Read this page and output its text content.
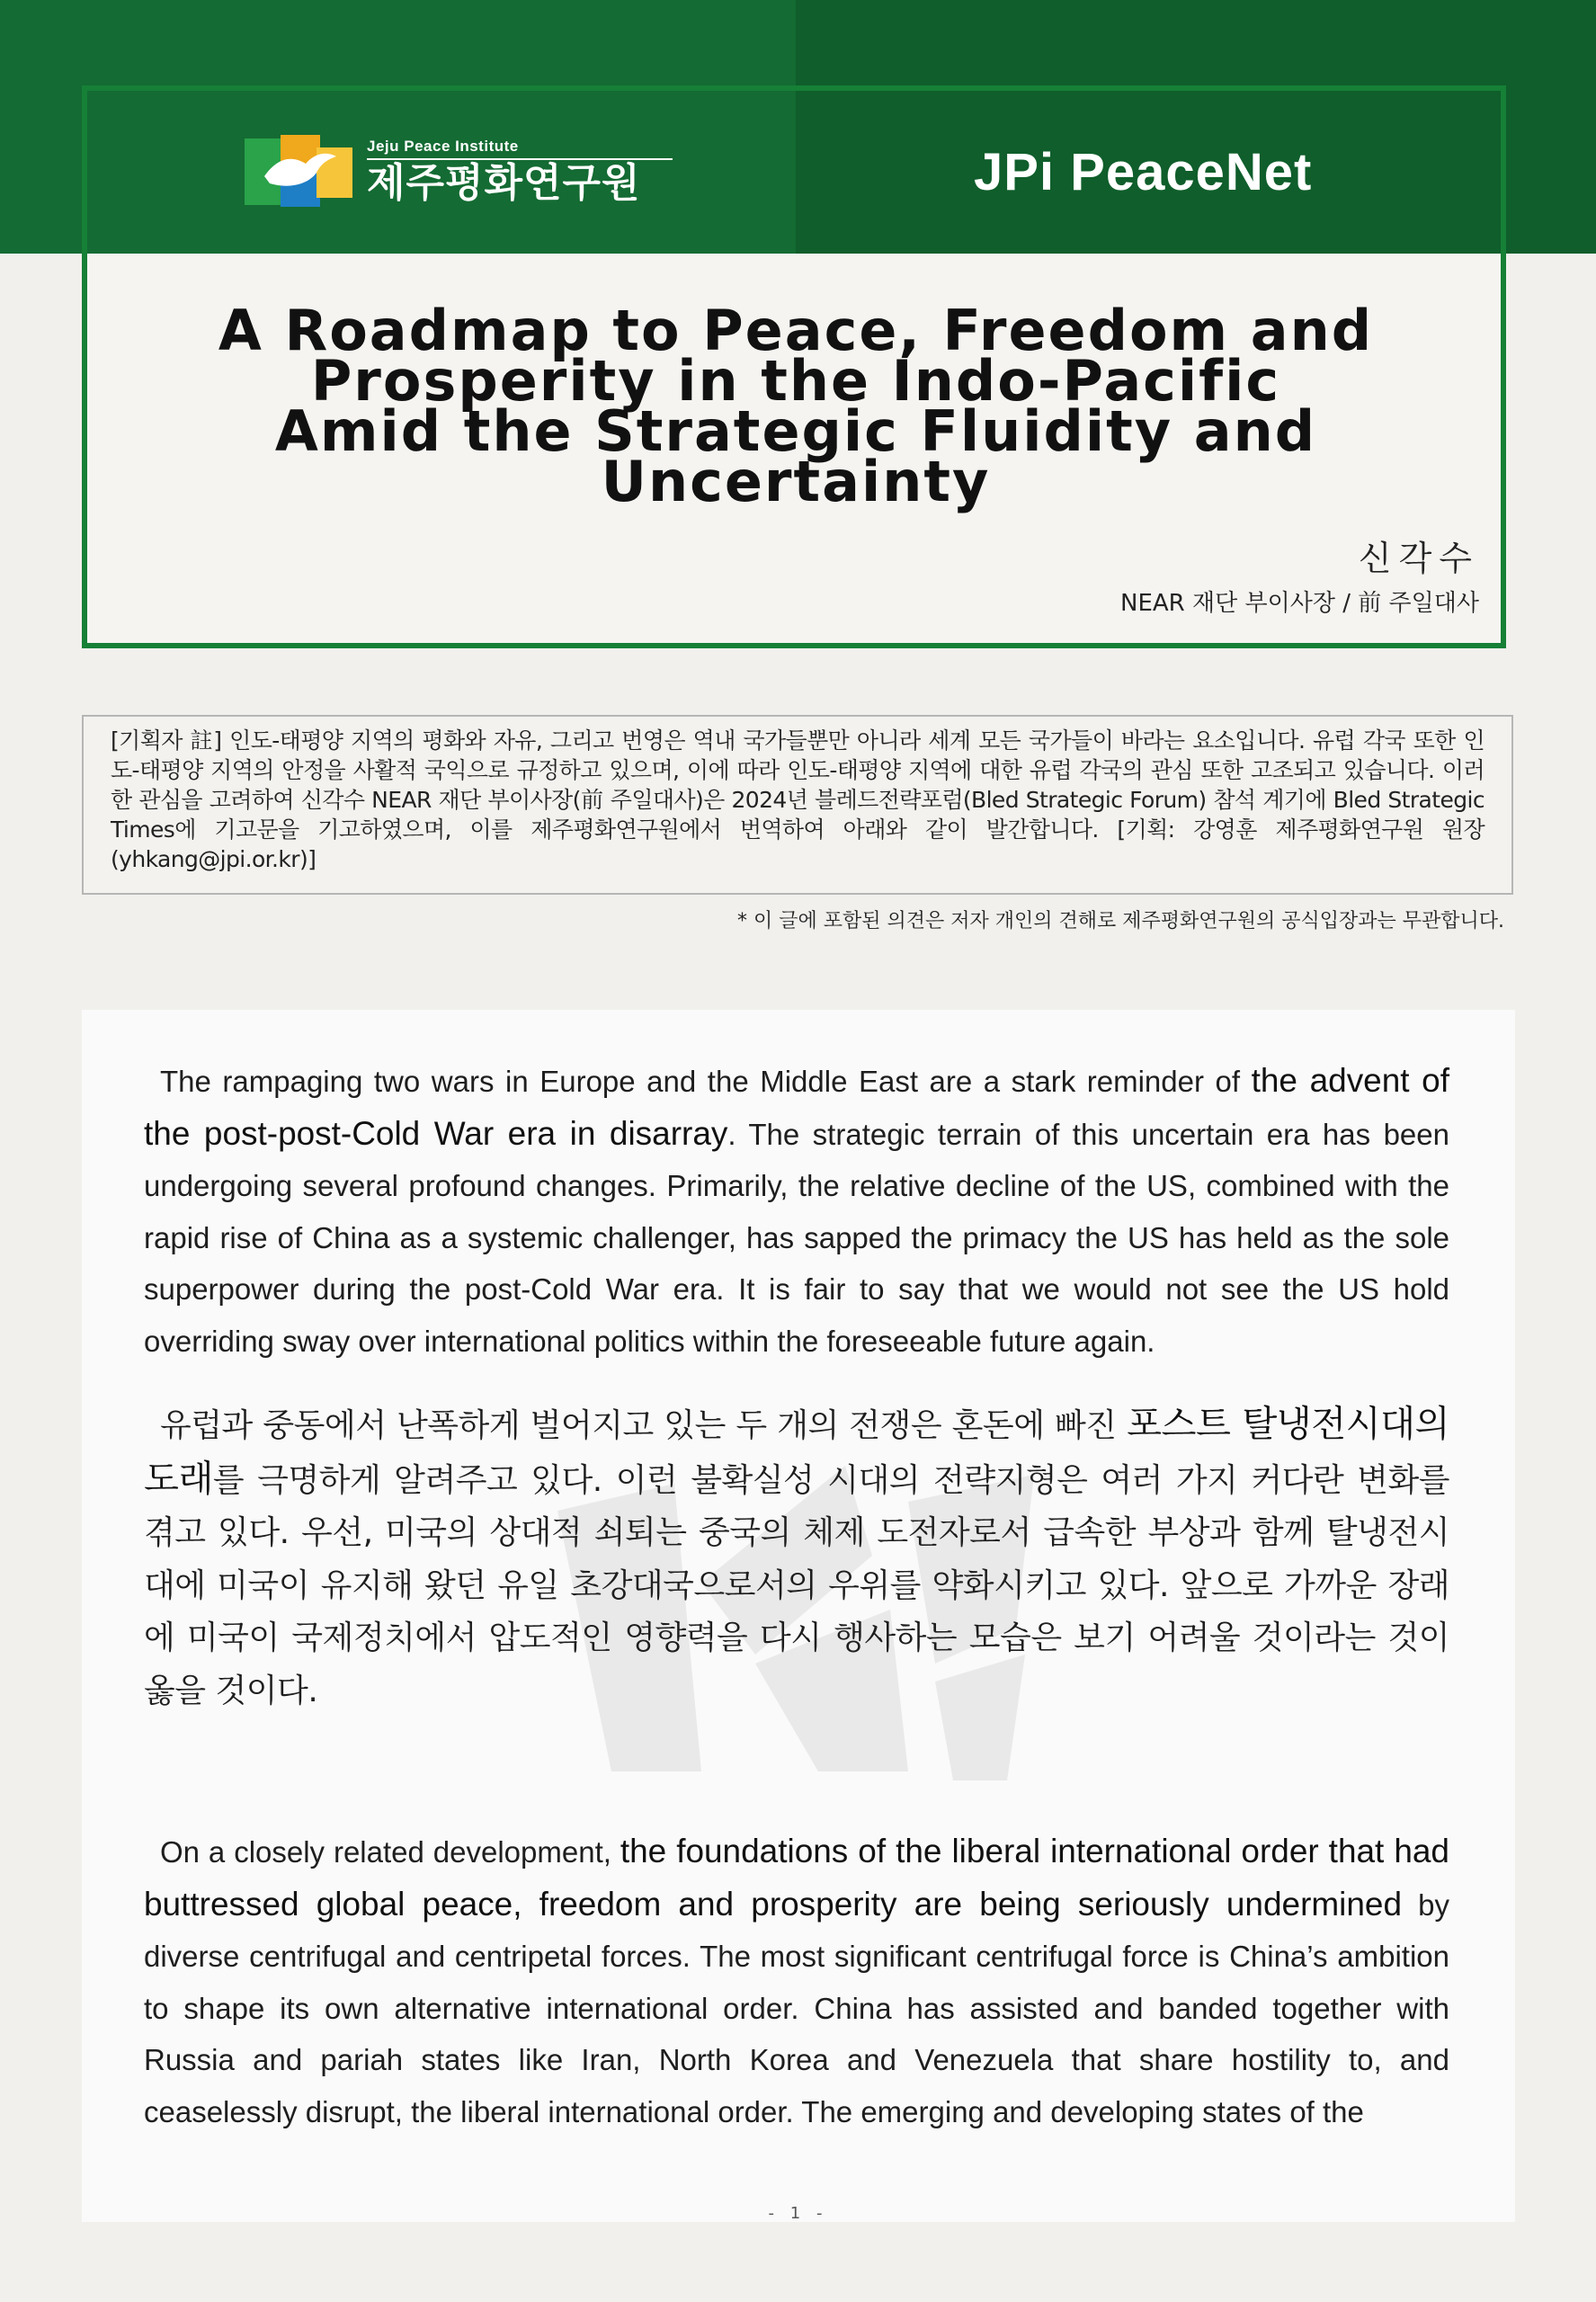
Jeju Peace Institute
제주평화연구원	JPi PeaceNet
A Roadmap to Peace, Freedom and
Prosperity in the Indo-Pacific
Amid the Strategic Fluidity and
Uncertainty
신각수
NEAR 재단 부이사장 / 前 주일대사
[기획자 註] 인도-태평양 지역의 평화와 자유, 그리고 번영은 역내 국가들뿐만 아니라 세계 모든 국가들이 바라는 요소입니다. 유럽 각국 또한 인도-태평양 지역의 안정을 사활적 국익으로 규정하고 있으며, 이에 따라 인도-태평양 지역에 대한 유럽 각국의 관심 또한 고조되고 있습니다. 이러한 관심을 고려하여 신각수 NEAR 재단 부이사장(前 주일대사)은 2024년 블레드전략포럼(Bled Strategic Forum) 참석 계기에 Bled Strategic Times에 기고문을 기고하였으며, 이를 제주평화연구원에서 번역하여 아래와 같이 발간합니다. [기획: 강영훈 제주평화연구원 원장(yhkang@jpi.or.kr)]
* 이 글에 포함된 의견은 저자 개인의 견해로 제주평화연구원의 공식입장과는 무관합니다.
The rampaging two wars in Europe and the Middle East are a stark reminder of the advent of the post-post-Cold War era in disarray. The strategic terrain of this uncertain era has been undergoing several profound changes. Primarily, the relative decline of the US, combined with the rapid rise of China as a systemic challenger, has sapped the primacy the US has held as the sole superpower during the post-Cold War era. It is fair to say that we would not see the US hold overriding sway over international politics within the foreseeable future again.
유럽과 중동에서 난폭하게 벌어지고 있는 두 개의 전쟁은 혼돈에 빠진 포스트 탈냉전시대의 도래를 극명하게 알려주고 있다. 이런 불확실성 시대의 전략지형은 여러 가지 커다란 변화를 겪고 있다. 우선, 미국의 상대적 쇠퇴는 중국의 체제 도전자로서 급속한 부상과 함께 탈냉전시대에 미국이 유지해 왔던 유일 초강대국으로서의 우위를 약화시키고 있다. 앞으로 가까운 장래에 미국이 국제정치에서 압도적인 영향력을 다시 행사하는 모습은 보기 어려울 것이라는 것이 옳을 것이다.
On a closely related development, the foundations of the liberal international order that had buttressed global peace, freedom and prosperity are being seriously undermined by diverse centrifugal and centripetal forces. The most significant centrifugal force is China’s ambition to shape its own alternative international order. China has assisted and banded together with Russia and pariah states like Iran, North Korea and Venezuela that share hostility to, and ceaselessly disrupt, the liberal international order. The emerging and developing states of the
- 1 -
